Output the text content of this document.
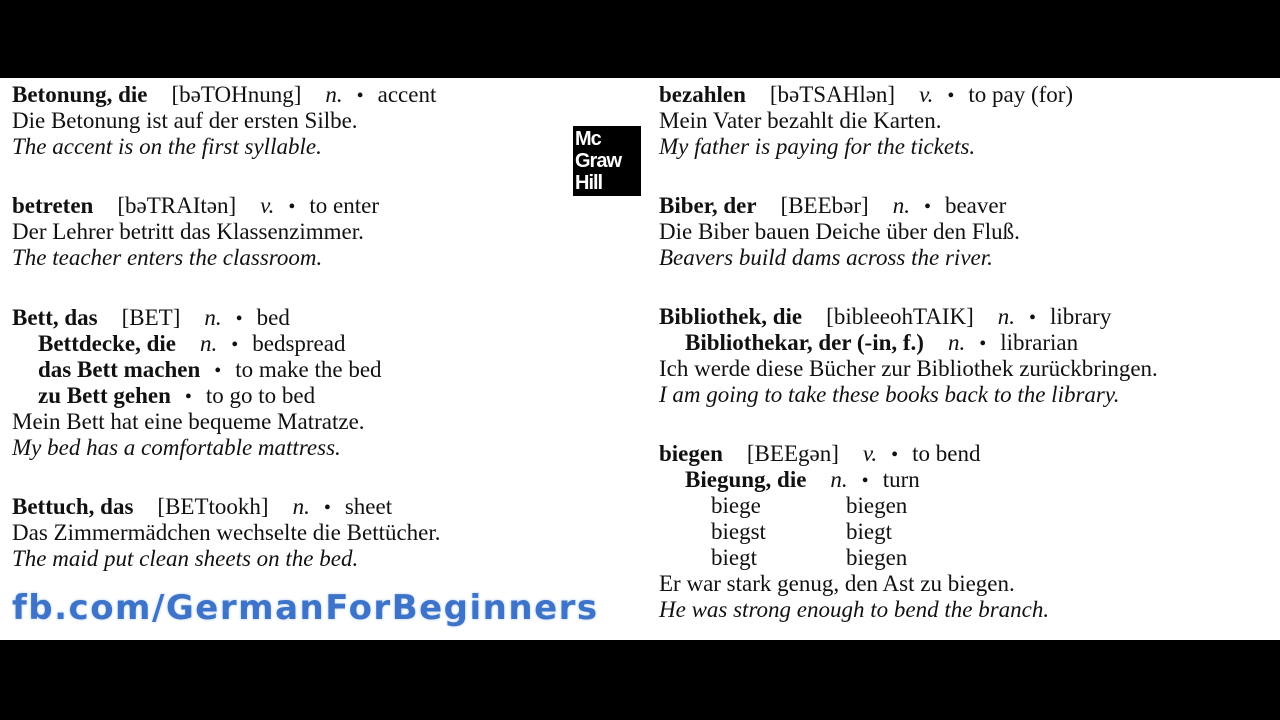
Betonung, die [bəTOHnung] n. • accent
Die Betonung ist auf der ersten Silbe.
The accent is on the first syllable.
betreten [bəTRAItən] v. • to enter
Der Lehrer betritt das Klassenzimmer.
The teacher enters the classroom.
Bett, das [BET] n. • bed
Bettdecke, die n. • bedspread
das Bett machen • to make the bed
zu Bett gehen • to go to bed
Mein Bett hat eine bequeme Matratze.
My bed has a comfortable mattress.
Bettuch, das [BETtookh] n. • sheet
Das Zimmermädchen wechselte die Bettücher.
The maid put clean sheets on the bed.
bezahlen [bəTSAHlən] v. • to pay (for)
Mein Vater bezahlt die Karten.
My father is paying for the tickets.
Biber, der [BEEbər] n. • beaver
Die Biber bauen Deiche über den Fluß.
Beavers build dams across the river.
Bibliothek, die [bibleeohTAIK] n. • library
Bibliothekar, der (-in, f.) n. • librarian
Ich werde diese Bücher zur Bibliothek zurückbringen.
I am going to take these books back to the library.
biegen [BEEgən] v. • to bend
Biegung, die n. • turn
biege	biegen
biegst	biegt
biegt	biegen
Er war stark genug, den Ast zu biegen.
He was strong enough to bend the branch.
Mc
Graw
Hill
fb.com/GermanForBeginners
